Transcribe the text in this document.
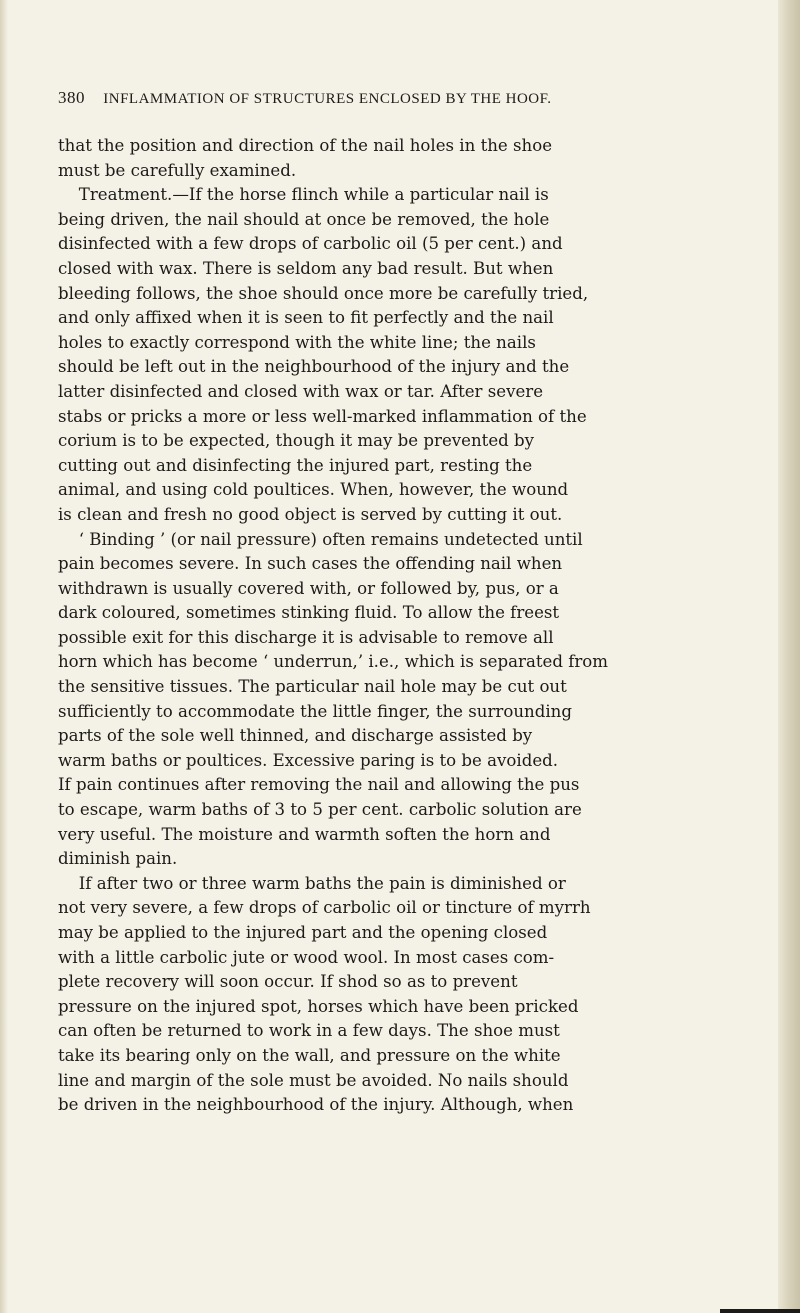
380 INFLAMMATION OF STRUCTURES ENCLOSED BY THE HOOF.
that the position and direction of the nail holes in the shoe
must be carefully examined.
Treatment.—If the horse flinch while a particular nail is
being driven, the nail should at once be removed, the hole
disinfected with a few drops of carbolic oil (5 per cent.) and
closed with wax. There is seldom any bad result. But when
bleeding follows, the shoe should once more be carefully tried,
and only affixed when it is seen to fit perfectly and the nail
holes to exactly correspond with the white line; the nails
should be left out in the neighbourhood of the injury and the
latter disinfected and closed with wax or tar. After severe
stabs or pricks a more or less well-marked inflammation of the
corium is to be expected, though it may be prevented by
cutting out and disinfecting the injured part, resting the
animal, and using cold poultices. When, however, the wound
is clean and fresh no good object is served by cutting it out.
‘ Binding ’ (or nail pressure) often remains undetected until
pain becomes severe. In such cases the offending nail when
withdrawn is usually covered with, or followed by, pus, or a
dark coloured, sometimes stinking fluid. To allow the freest
possible exit for this discharge it is advisable to remove all
horn which has become ‘ underrun,’ i.e., which is separated from
the sensitive tissues. The particular nail hole may be cut out
sufficiently to accommodate the little finger, the surrounding
parts of the sole well thinned, and discharge assisted by
warm baths or poultices. Excessive paring is to be avoided.
If pain continues after removing the nail and allowing the pus
to escape, warm baths of 3 to 5 per cent. carbolic solution are
very useful. The moisture and warmth soften the horn and
diminish pain.
If after two or three warm baths the pain is diminished or
not very severe, a few drops of carbolic oil or tincture of myrrh
may be applied to the injured part and the opening closed
with a little carbolic jute or wood wool. In most cases com-
plete recovery will soon occur. If shod so as to prevent
pressure on the injured spot, horses which have been pricked
can often be returned to work in a few days. The shoe must
take its bearing only on the wall, and pressure on the white
line and margin of the sole must be avoided. No nails should
be driven in the neighbourhood of the injury. Although, when
